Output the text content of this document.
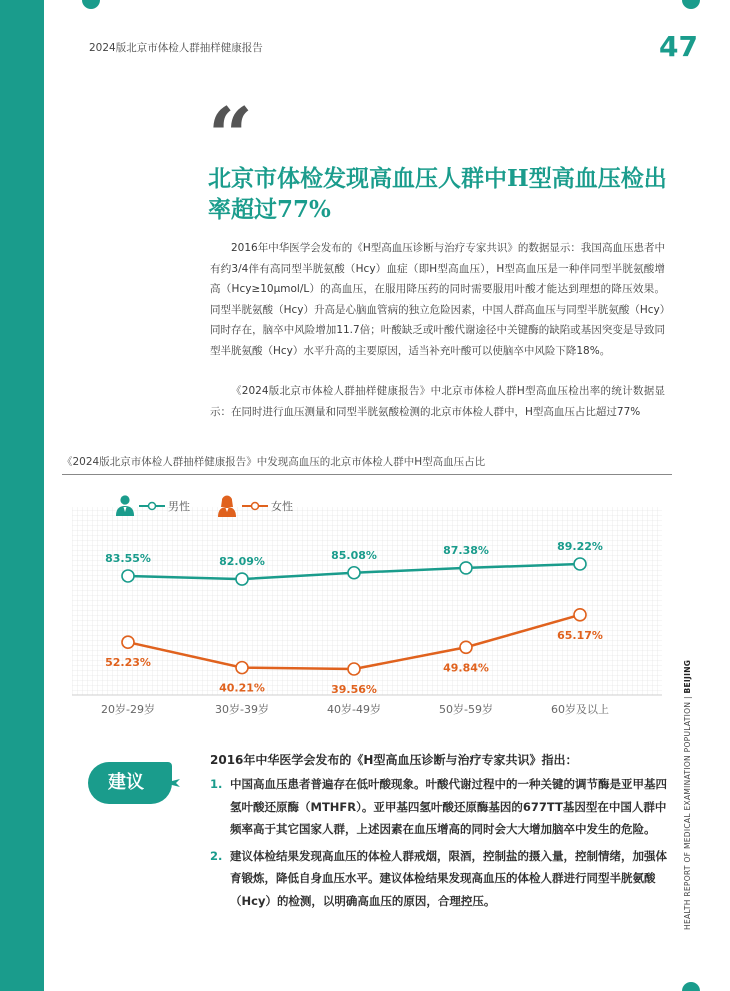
2024版北京市体检人群抽样健康报告	47
“
北京市体检发现高血压人群中H型高血压检出率超过77%

2016年中华医学会发布的《H型高血压诊断与治疗专家共识》的数据显示：我国高血压患者中有约3/4伴有高同型半胱氨酸（Hcy）血症（即H型高血压），H型高血压是一种伴同型半胱氨酸增高（Hcy≥10μmol/L）的高血压，在服用降压药的同时需要服用叶酸才能达到理想的降压效果。同型半胱氨酸（Hcy）升高是心脑血管病的独立危险因素，中国人群高血压与同型半胱氨酸（Hcy）同时存在，脑卒中风险增加11.7倍；叶酸缺乏或叶酸代谢途径中关键酶的缺陷或基因突变是导致同型半胱氨酸（Hcy）水平升高的主要原因，适当补充叶酸可以使脑卒中风险下降18%。

《2024版北京市体检人群抽样健康报告》中北京市体检人群H型高血压检出率的统计数据显示：在同时进行血压测量和同型半胱氨酸检测的北京市体检人群中，H型高血压占比超过77%

《2024版北京市体检人群抽样健康报告》中发现高血压的北京市体检人群中H型高血压占比
男性	女性
83.55%	82.09%	85.08%	87.38%	89.22%
52.23%
40.21%	39.56%
49.84%
65.17%
20岁-29岁	30岁-39岁	40岁-49岁	50岁-59岁	60岁及以上
建议
2016年中华医学会发布的《H型高血压诊断与治疗专家共识》指出：
1. 中国高血压患者普遍存在低叶酸现象。叶酸代谢过程中的一种关键的调节酶是亚甲基四氢叶酸还原酶（MTHFR）。亚甲基四氢叶酸还原酶基因的677TT基因型在中国人群中频率高于其它国家人群，上述因素在血压增高的同时会大大增加脑卒中发生的危险。
2. 建议体检结果发现高血压的体检人群戒烟，限酒，控制盐的摄入量，控制情绪，加强体育锻炼，降低自身血压水平。建议体检结果发现高血压的体检人群进行同型半胱氨酸（Hcy）的检测，以明确高血压的原因，合理控压。	HEALTH REPORT OF MEDICAL EXAMINATION POPULATION | BEIJING
